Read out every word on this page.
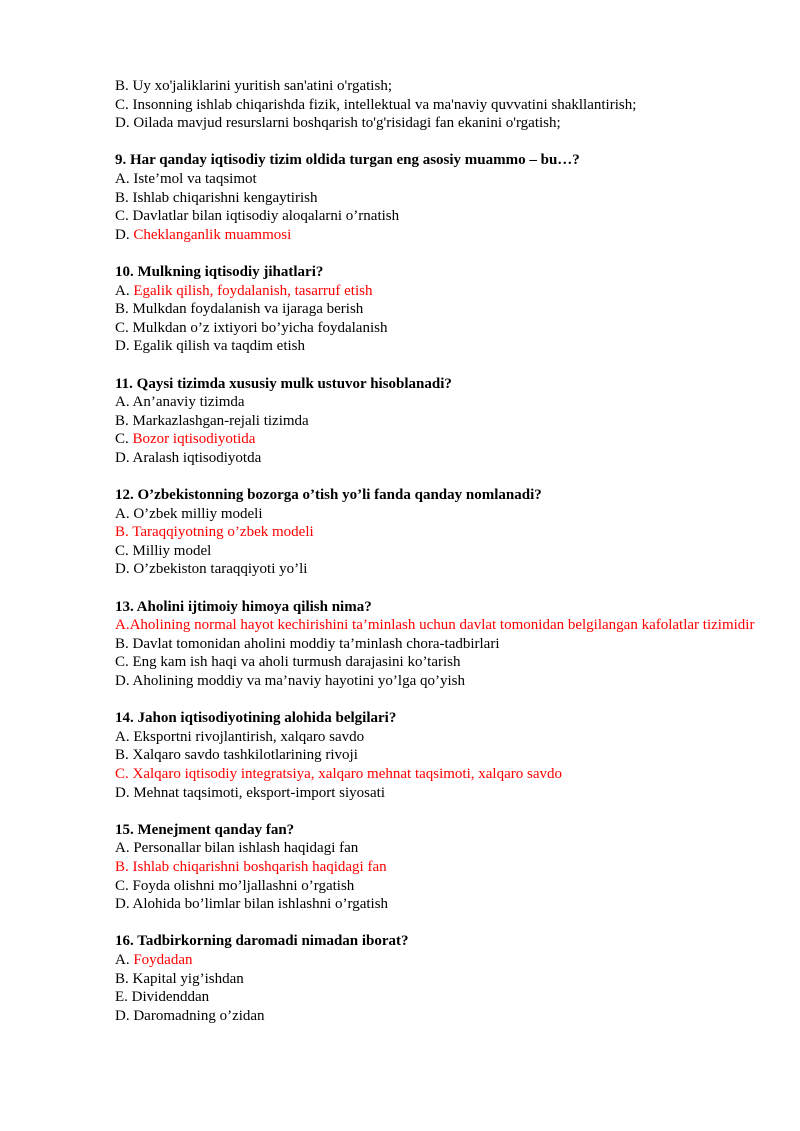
B. Uy xo'jaliklarini yuritish san'atini o'rgatish;
C. Insonning ishlab chiqarishda fizik, intellektual va ma'naviy quvvatini shakllantirish;
D. Oilada mavjud resurslarni boshqarish to'g'risidagi fan ekanini o'rgatish;
9. Har qanday iqtisodiy tizim oldida turgan eng asosiy muammo – bu…?
A. Iste’mol va taqsimot
B. Ishlab chiqarishni kengaytirish
C. Davlatlar bilan iqtisodiy aloqalarni o’rnatish
D. Cheklanganlik muammosi
10. Mulkning iqtisodiy jihatlari?
A. Egalik qilish, foydalanish, tasarruf etish
B. Mulkdan foydalanish va ijaraga berish
C. Mulkdan o’z ixtiyori bo’yicha foydalanish
D. Egalik qilish va taqdim etish
11. Qaysi tizimda xususiy mulk ustuvor hisoblanadi?
A. An’anaviy tizimda
B. Markazlashgan-rejali tizimda
C. Bozor iqtisodiyotida
D. Aralash iqtisodiyotda
12. O’zbekistonning bozorga o’tish yo’li fanda qanday nomlanadi?
A. O’zbek milliy modeli
B. Taraqqiyotning o’zbek modeli
C. Milliy model
D. O’zbekiston taraqqiyoti yo’li
13. Aholini ijtimoiy himoya qilish nima?
A.Aholining normal hayot kechirishini ta’minlash uchun davlat tomonidan belgilangan kafolatlar tizimidir
B. Davlat tomonidan aholini moddiy ta’minlash chora-tadbirlari
C. Eng kam ish haqi va aholi turmush darajasini ko’tarish
D. Aholining moddiy va ma’naviy hayotini yo’lga qo’yish
14. Jahon iqtisodiyotining alohida belgilari?
A. Eksportni rivojlantirish, xalqaro savdo
B. Xalqaro savdo tashkilotlarining rivoji
C. Xalqaro iqtisodiy integratsiya, xalqaro mehnat taqsimoti, xalqaro savdo
D. Mehnat taqsimoti, eksport-import siyosati
15. Menejment qanday fan?
A. Personallar bilan ishlash haqidagi fan
B. Ishlab chiqarishni boshqarish haqidagi fan
C. Foyda olishni mo’ljallashni o’rgatish
D. Alohida bo’limlar bilan ishlashni o’rgatish
16. Tadbirkorning daromadi nimadan iborat?
A. Foydadan
B. Kapital yig’ishdan
E. Dividenddan
D. Daromadning o’zidan
